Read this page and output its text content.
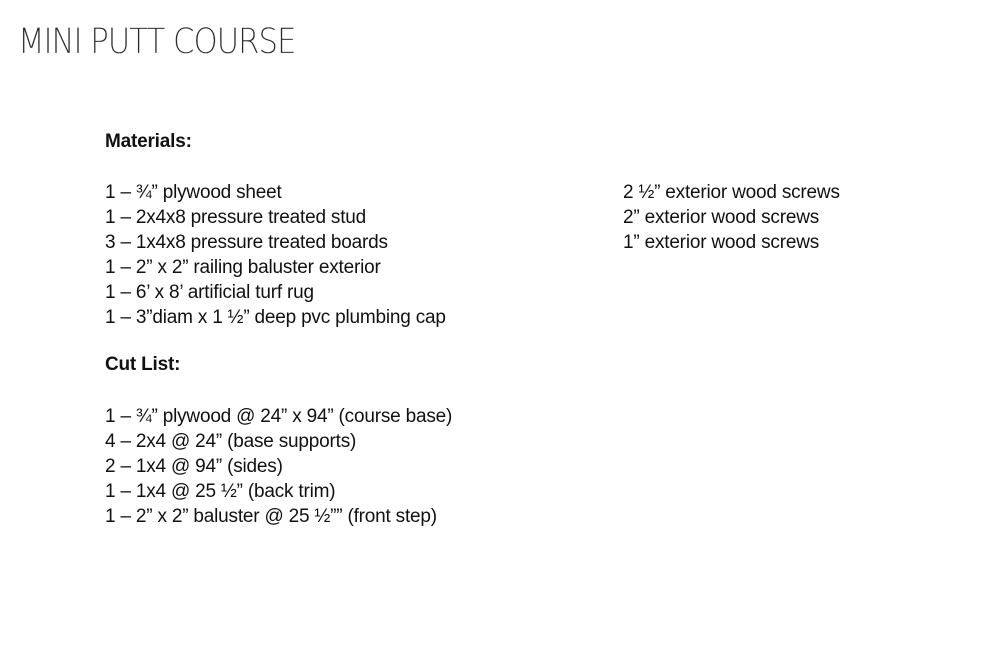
MINI PUTT COURSE
Materials:
1 – ¾” plywood sheet
1 – 2x4x8 pressure treated stud
3 – 1x4x8 pressure treated boards
1 – 2” x 2” railing baluster exterior
1 – 6’ x 8’ artificial turf rug
1 – 3”diam x 1 ½” deep pvc plumbing cap
2 ½” exterior wood screws
2” exterior wood screws
1” exterior wood screws
Cut List:
1 – ¾” plywood @ 24” x 94” (course base)
4 – 2x4 @ 24” (base supports)
2 – 1x4 @ 94” (sides)
1 – 1x4 @ 25 ½” (back trim)
1 – 2” x 2” baluster @ 25 ½”” (front step)
